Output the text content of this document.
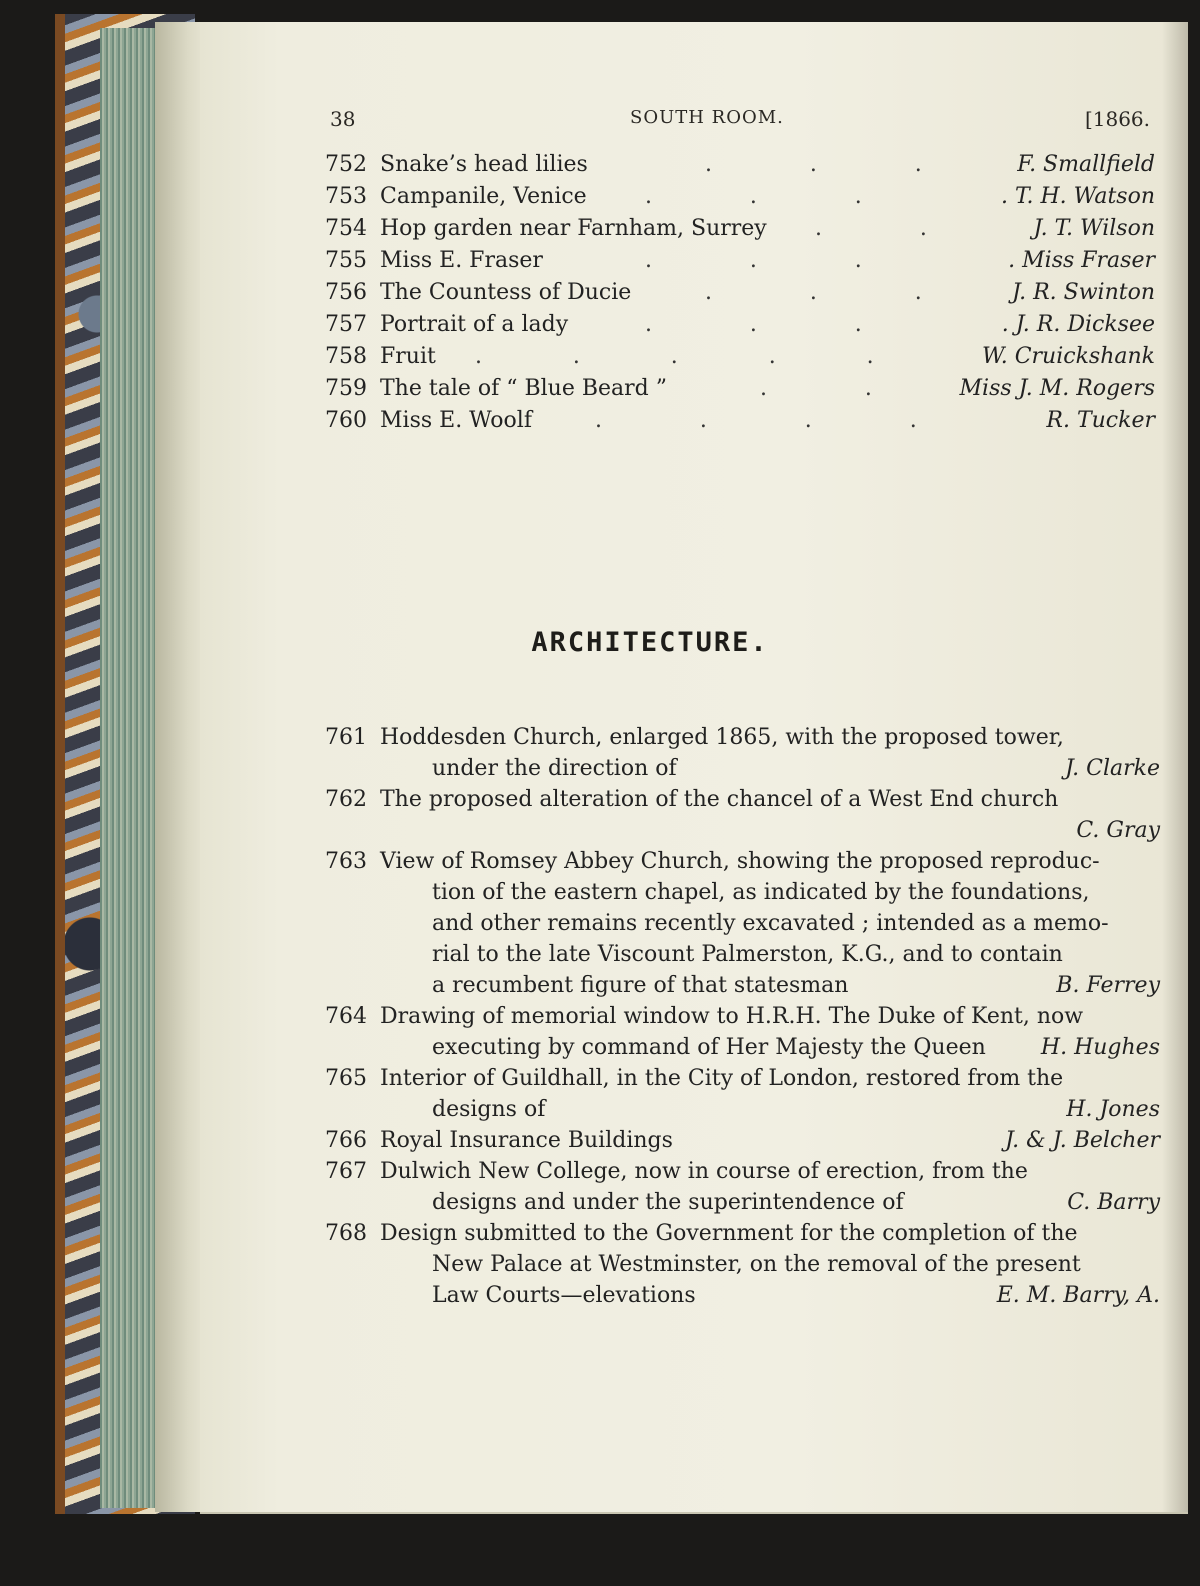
38	SOUTH ROOM.	[1866.
752 Snake’s head lilies	.              .              .	F. Smallfield
753 Campanile, Venice	.              .              .	. T. H. Watson
754 Hop garden near Farnham, Surrey .              .	J. T. Wilson
755 Miss E. Fraser	.              .              .	. Miss Fraser
756 The Countess of Ducie	.              .              .	J. R. Swinton
757 Portrait of a lady	.              .              .	. J. R. Dicksee
758 Fruit .             .             .             .             .	W. Cruickshank
759 The tale of “ Blue Beard ”	.              .	Miss J. M. Rogers
760 Miss E. Woolf	.              .              .              .	R. Tucker
ARCHITECTURE.
761 Hoddesden Church, enlarged 1865, with the proposed tower,
under the direction of	J. Clarke
762 The proposed alteration of the chancel of a West End church
C. Gray
763 View of Romsey Abbey Church, showing the proposed reproduc-
tion of the eastern chapel, as indicated by the foundations,
and other remains recently excavated ; intended as a memo-
rial to the late Viscount Palmerston, K.G., and to contain
a recumbent figure of that statesman	B. Ferrey
764 Drawing of memorial window to H.R.H. The Duke of Kent, now
executing by command of Her Majesty the Queen	H. Hughes
765 Interior of Guildhall, in the City of London, restored from the
designs of	H. Jones
766 Royal Insurance Buildings	J. & J. Belcher
767 Dulwich New College, now in course of erection, from the
designs and under the superintendence of	C. Barry
768 Design submitted to the Government for the completion of the
New Palace at Westminster, on the removal of the present
Law Courts—elevations	E. M. Barry, A.
